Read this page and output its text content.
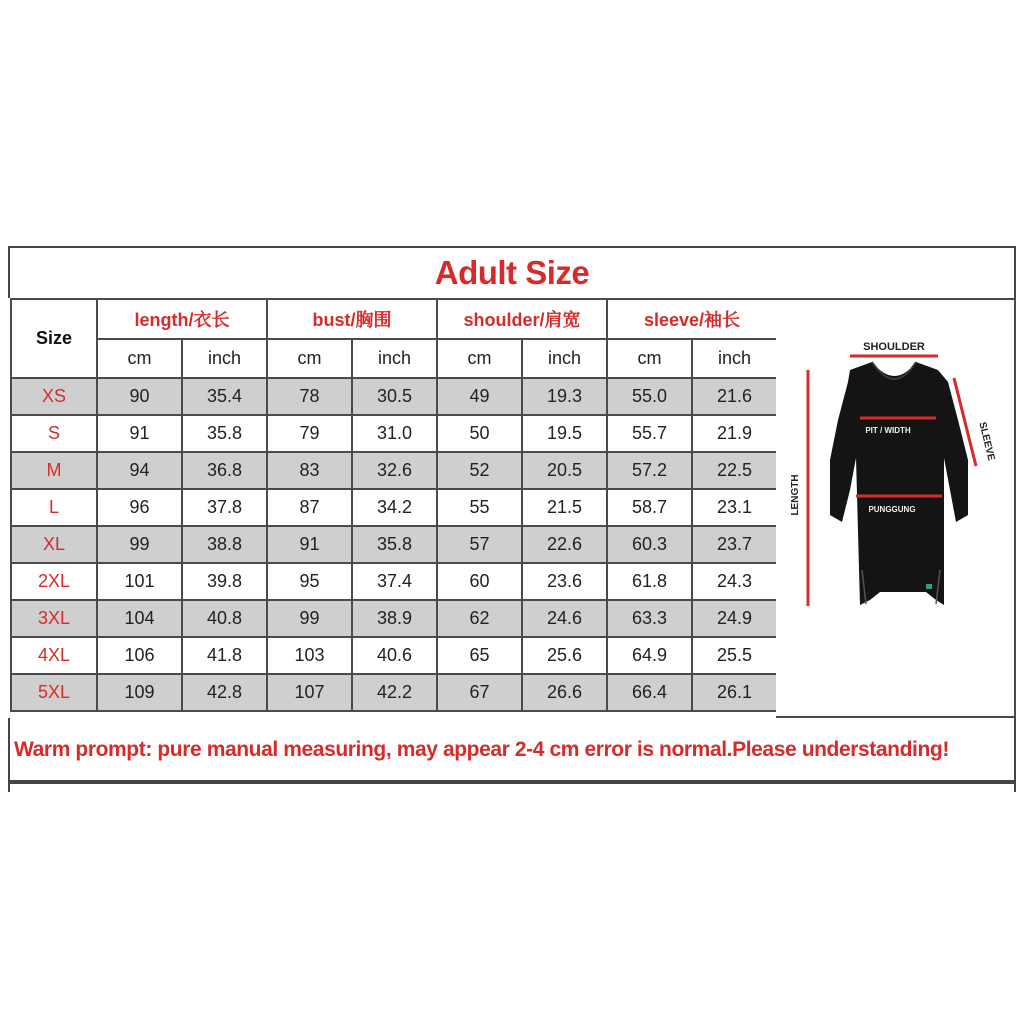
Adult Size
Size	length/衣长		bust/胸围		shoulder/肩宽		sleeve/袖长	
	cm	inch	cm	inch	cm	inch	cm	inch
XS	90	35.4	78	30.5	49	19.3	55.0	21.6
S	91	35.8	79	31.0	50	19.5	55.7	21.9
M	94	36.8	83	32.6	52	20.5	57.2	22.5
L	96	37.8	87	34.2	55	21.5	58.7	23.1
XL	99	38.8	91	35.8	57	22.6	60.3	23.7
2XL	101	39.8	95	37.4	60	23.6	61.8	24.3
3XL	104	40.8	99	38.9	62	24.6	63.3	24.9
4XL	106	41.8	103	40.6	65	25.6	64.9	25.5
5XL	109	42.8	107	42.2	67	26.6	66.4	26.1
SHOULDER
PIT / WIDTH
PUNGGUNG
LENGTH
SLEEVE
Warm prompt: pure manual measuring, may appear 2-4 cm error is normal.Please understanding!
